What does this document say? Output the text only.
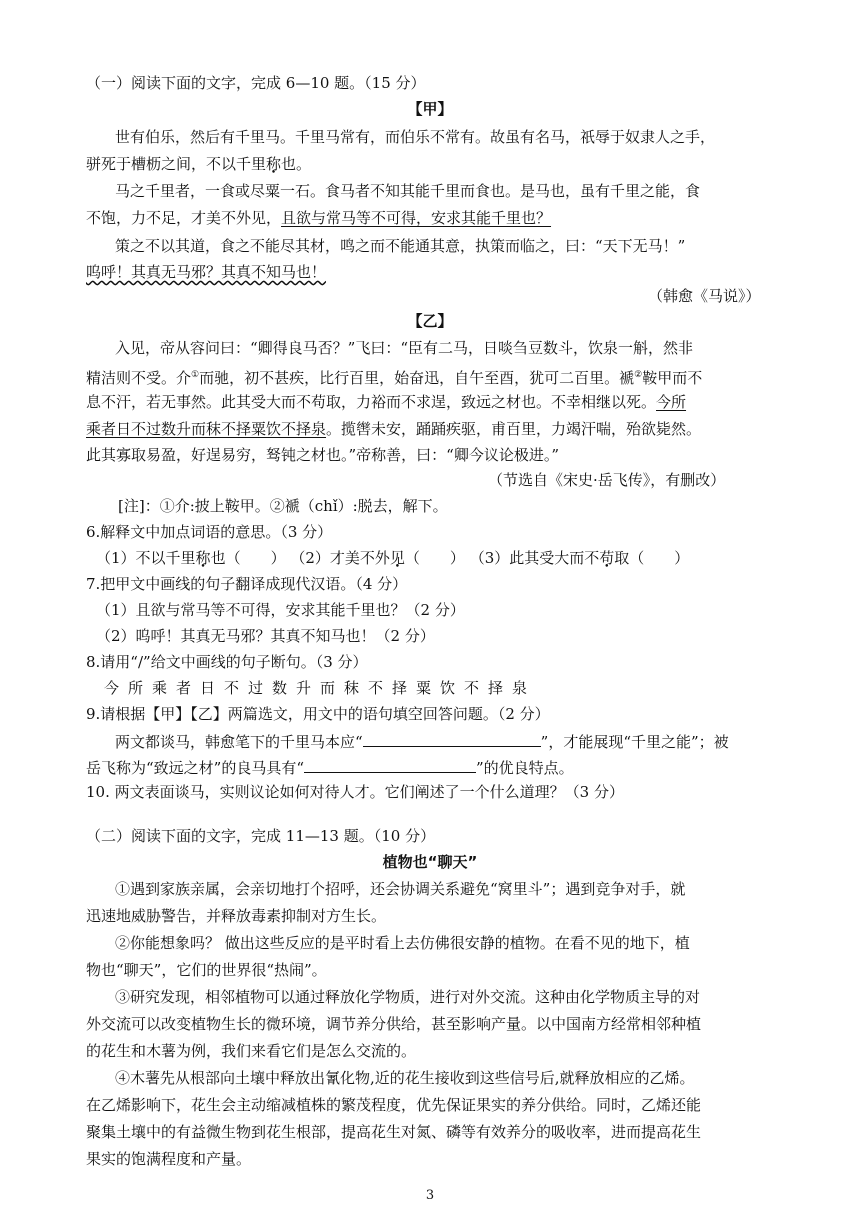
（一）阅读下面的文字，完成 6—10 题。（15 分）
【甲】
世有伯乐，然后有千里马。千里马常有，而伯乐不常有。故虽有名马，祇辱于奴隶人之手，
骈死于槽枥之间，不以千里称也。
马之千里者，一食或尽粟一石。食马者不知其能千里而食也。是马也，虽有千里之能，食
不饱，力不足，才美不外见，且欲与常马等不可得，安求其能千里也？
策之不以其道，食之不能尽其材，鸣之而不能通其意，执策而临之，曰：“天下无马！”
呜呼！其真无马邪？其真不知马也！
（韩愈《马说》）
【乙】
入见，帝从容问曰：“卿得良马否？”飞曰：“臣有二马，日啖刍豆数斗，饮泉一斛，然非
精洁则不受。介①而驰，初不甚疾，比行百里，始奋迅，自午至酉，犹可二百里。褫②鞍甲而不
息不汗，若无事然。此其受大而不苟取，力裕而不求逞，致远之材也。不幸相继以死。今所
乘者日不过数升而秣不择粟饮不择泉。揽辔未安，踊踊疾驱，甫百里，力竭汗喘，殆欲毙然。
此其寡取易盈，好逞易穷，驽钝之材也。”帝称善，曰：“卿今议论极进。”
（节选自《宋史·岳飞传》，有删改）
[注]：①介:披上鞍甲。②褫（chǐ）:脱去，解下。
6.解释文中加点词语的意思。（3 分）
（1）不以千里称也（　　） （2）才美不外见（　　） （3）此其受大而不苟取（　　）
7.把甲文中画线的句子翻译成现代汉语。（4 分）
（1）且欲与常马等不可得，安求其能千里也？（2 分）
（2）呜呼！其真无马邪？其真不知马也！（2 分）
8.请用“/”给文中画线的句子断句。（3 分）
今所乘者日不过数升而秣不择粟饮不择泉
9.请根据【甲】【乙】两篇选文，用文中的语句填空回答问题。（2 分）
两文都谈马，韩愈笔下的千里马本应“	”，才能展现“千里之能”；被
岳飞称为“致远之材”的良马具有“	”的优良特点。
10. 两文表面谈马，实则议论如何对待人才。它们阐述了一个什么道理？（3 分）
（二）阅读下面的文字，完成 11—13 题。（10 分）
植物也“聊天”
①遇到家族亲属，会亲切地打个招呼，还会协调关系避免“窝里斗”；遇到竞争对手，就
迅速地威胁警告，并释放毒素抑制对方生长。
②你能想象吗？ 做出这些反应的是平时看上去仿佛很安静的植物。在看不见的地下，植
物也“聊天”，它们的世界很“热闹”。
③研究发现，相邻植物可以通过释放化学物质，进行对外交流。这种由化学物质主导的对
外交流可以改变植物生长的微环境，调节养分供给，甚至影响产量。以中国南方经常相邻种植
的花生和木薯为例，我们来看它们是怎么交流的。
④木薯先从根部向土壤中释放出氰化物,近的花生接收到这些信号后,就释放相应的乙烯。
在乙烯影响下，花生会主动缩减植株的繁茂程度，优先保证果实的养分供给。同时，乙烯还能
聚集土壤中的有益微生物到花生根部，提高花生对氮、磷等有效养分的吸收率，进而提高花生
果实的饱满程度和产量。
3
